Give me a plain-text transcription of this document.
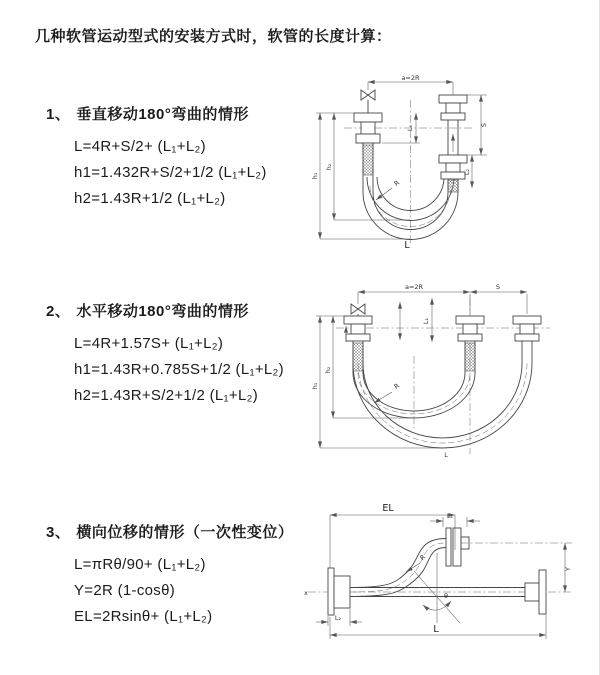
几种软管运动型式的安装方式时，软管的长度计算：
1、 垂直移动180°弯曲的情形
L=4R+S/2+ (L₁+L₂)
h1=1.432R+S/2+1/2 (L₁+L₂)
h2=1.43R+1/2 (L₁+L₂)
2、 水平移动180°弯曲的情形
L=4R+1.57S+ (L₁+L₂)
h1=1.43R+0.785S+1/2 (L₁+L₂)
h2=1.43R+S/2+1/2 (L₁+L₂)
3、 横向位移的情形（一次性变位）
L=πRθ/90+ (L₁+L₂)
Y=2R (1-cosθ)
EL=2Rsinθ+ (L₁+L₂)
a=2R
S
L₂
h₁
h₂
L₁
R
L
a=2R	S
L₁
h₁
h₂
R
L
x
EL
L₁
Y
R
θ
L
L₂
